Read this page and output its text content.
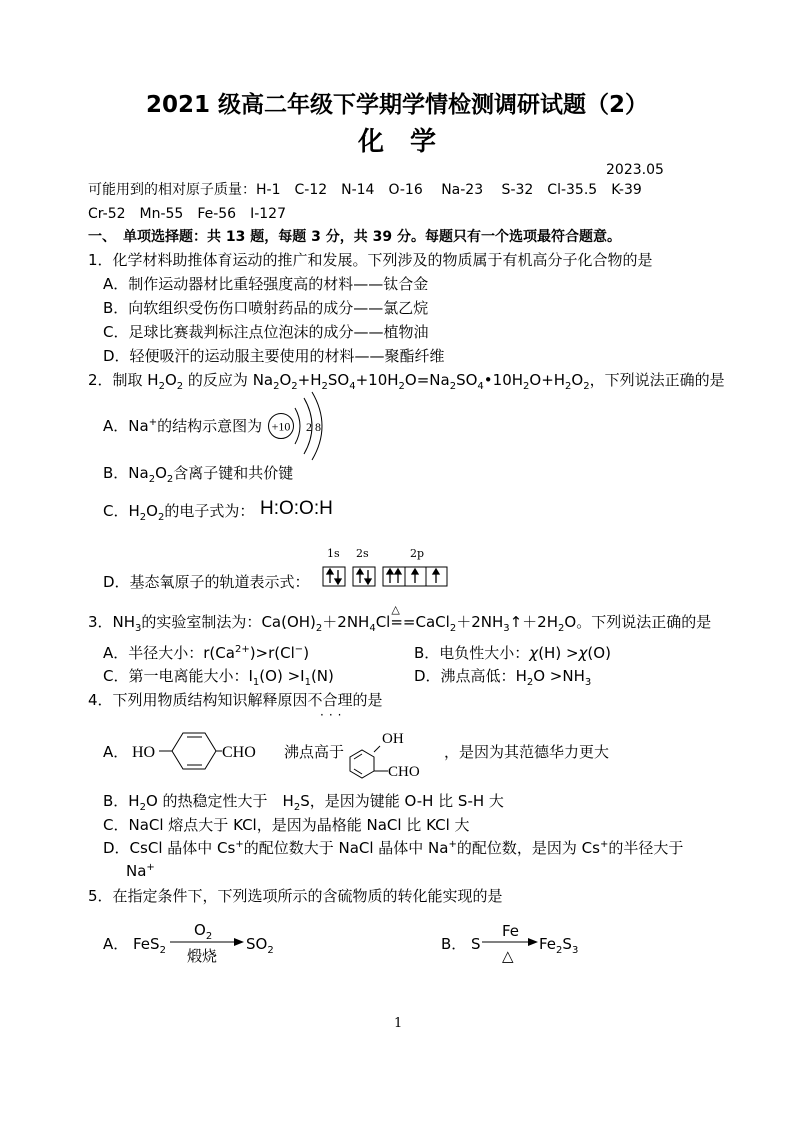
2021 级高二年级下学期学情检测调研试题（2）
化　学
2023.05
可能用到的相对原子质量：H-1　C-12　N-14　O-16　 Na-23　 S-32　Cl-35.5　K-39
Cr-52　Mn-55　Fe-56　I-127
一、　单项选择题：共 13 题，每题 3 分，共 39 分。每题只有一个选项最符合题意。
1．化学材料助推体育运动的推广和发展。下列涉及的物质属于有机高分子化合物的是
A．制作运动器材比重轻强度高的材料——钛合金
B．向软组织受伤伤口喷射药品的成分——氯乙烷
C．足球比赛裁判标注点位泡沫的成分——植物油
D．轻便吸汗的运动服主要使用的材料——聚酯纤维
2．制取 $H_2O_2$ 的反应为 $Na_2O_2+H_2SO_4+10H_2O=Na_2SO_4•10H_2O+H_2O_2$，下列说法正确的是
A．Na+的结构示意图为 +10 2 8
B．$Na_2O_2$含离子键和共价键
C．$H_2O_2$的电子式为： H:O:O:H
1s 2s	2p
D．基态氧原子的轨道表示式：
3．$NH_3$的实验室制法为：$Ca(OH)_2+2NH_4Cl==$
△
$CaCl_2+2NH_3↑+2H_2O$。下列说法正确的是
A．半径大小：$r(Ca^{2+})>r(Cl^-)$	B．电负性大小：χ(H) >χ(O)
C．第一电离能大小：$I_1(O) >I_1(N)$	D．沸点高低：$H_2O >NH_3$
4．下列用物质结构知识解释原因不合理的是
···
A． HO	CHO 沸点高于
OH
CHO
，是因为其范德华力更大
B．$H_2O$ 的热稳定性大于　$H_2S$，是因为键能 O-H 比 S-H 大
C．NaCl 熔点大于 KCl，是因为晶格能 NaCl 比 KCl 大
D．CsCl 晶体中 Cs+的配位数大于 NaCl 晶体中 Na+的配位数，是因为 Cs+的半径大于
Na+
5．在指定条件下，下列选项所示的含硫物质的转化能实现的是
A． FeS$_2$
$O_2$
煅烧
$SO_2$	B． S
Fe
△
$Fe_2S_3$
1
